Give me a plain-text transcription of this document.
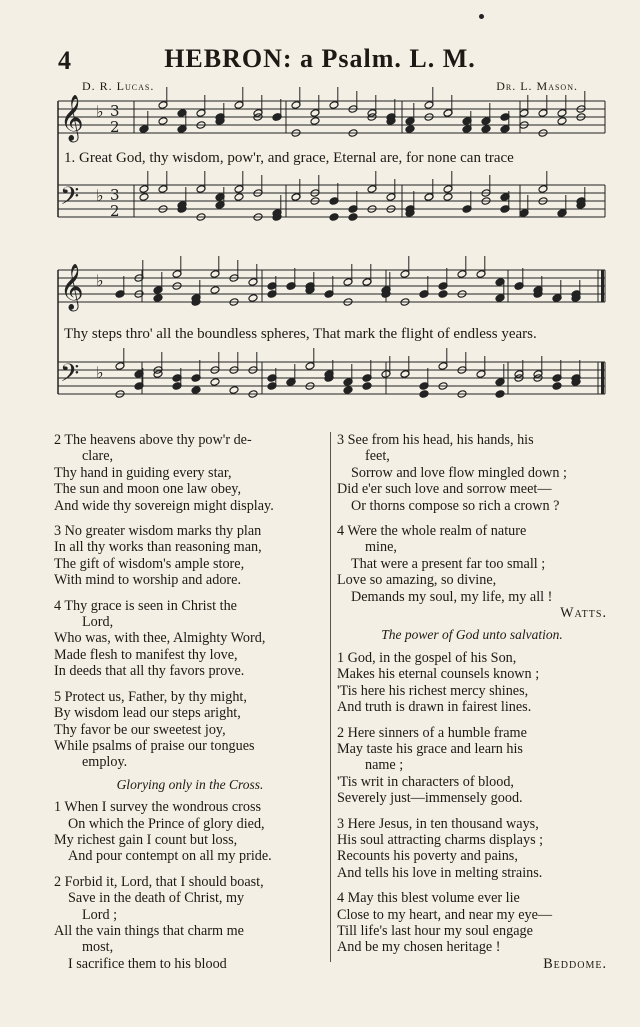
4	HEBRON: a Psalm. L. M.
D. R. Lucas.	Dr. L. Mason.
𝄞 ♭ 3
2
𝄢 ♭ 3
2
𝄞 ♭
𝄢 ♭
1. Great God, thy wisdom, pow'r, and grace, Eternal are, for none can trace
Thy steps thro' all the boundless spheres, That mark the flight of endless years.
2 The heavens above thy pow'r de-
clare,
Thy hand in guiding every star,
The sun and moon one law obey,
And wide thy sovereign might display.
3 No greater wisdom marks thy plan
In all thy works than reasoning man,
The gift of wisdom's ample store,
With mind to worship and adore.
4 Thy grace is seen in Christ the
Lord,
Who was, with thee, Almighty Word,
Made flesh to manifest thy love,
In deeds that all thy favors prove.
5 Protect us, Father, by thy might,
By wisdom lead our steps aright,
Thy favor be our sweetest joy,
While psalms of praise our tongues
employ.
Glorying only in the Cross.
1 When I survey the wondrous cross
On which the Prince of glory died,
My richest gain I count but loss,
And pour contempt on all my pride.
2 Forbid it, Lord, that I should boast,
Save in the death of Christ, my
Lord ;
All the vain things that charm me
most,
I sacrifice them to his blood
3 See from his head, his hands, his
feet,
Sorrow and love flow mingled down ;
Did e'er such love and sorrow meet—
Or thorns compose so rich a crown ?
4 Were the whole realm of nature
mine,
That were a present far too small ;
Love so amazing, so divine,
Demands my soul, my life, my all !
Watts.
The power of God unto salvation.
1 God, in the gospel of his Son,
Makes his eternal counsels known ;
'Tis here his richest mercy shines,
And truth is drawn in fairest lines.
2 Here sinners of a humble frame
May taste his grace and learn his
name ;
'Tis writ in characters of blood,
Severely just—immensely good.
3 Here Jesus, in ten thousand ways,
His soul attracting charms displays ;
Recounts his poverty and pains,
And tells his love in melting strains.
4 May this blest volume ever lie
Close to my heart, and near my eye—
Till life's last hour my soul engage
And be my chosen heritage !
Beddome.
